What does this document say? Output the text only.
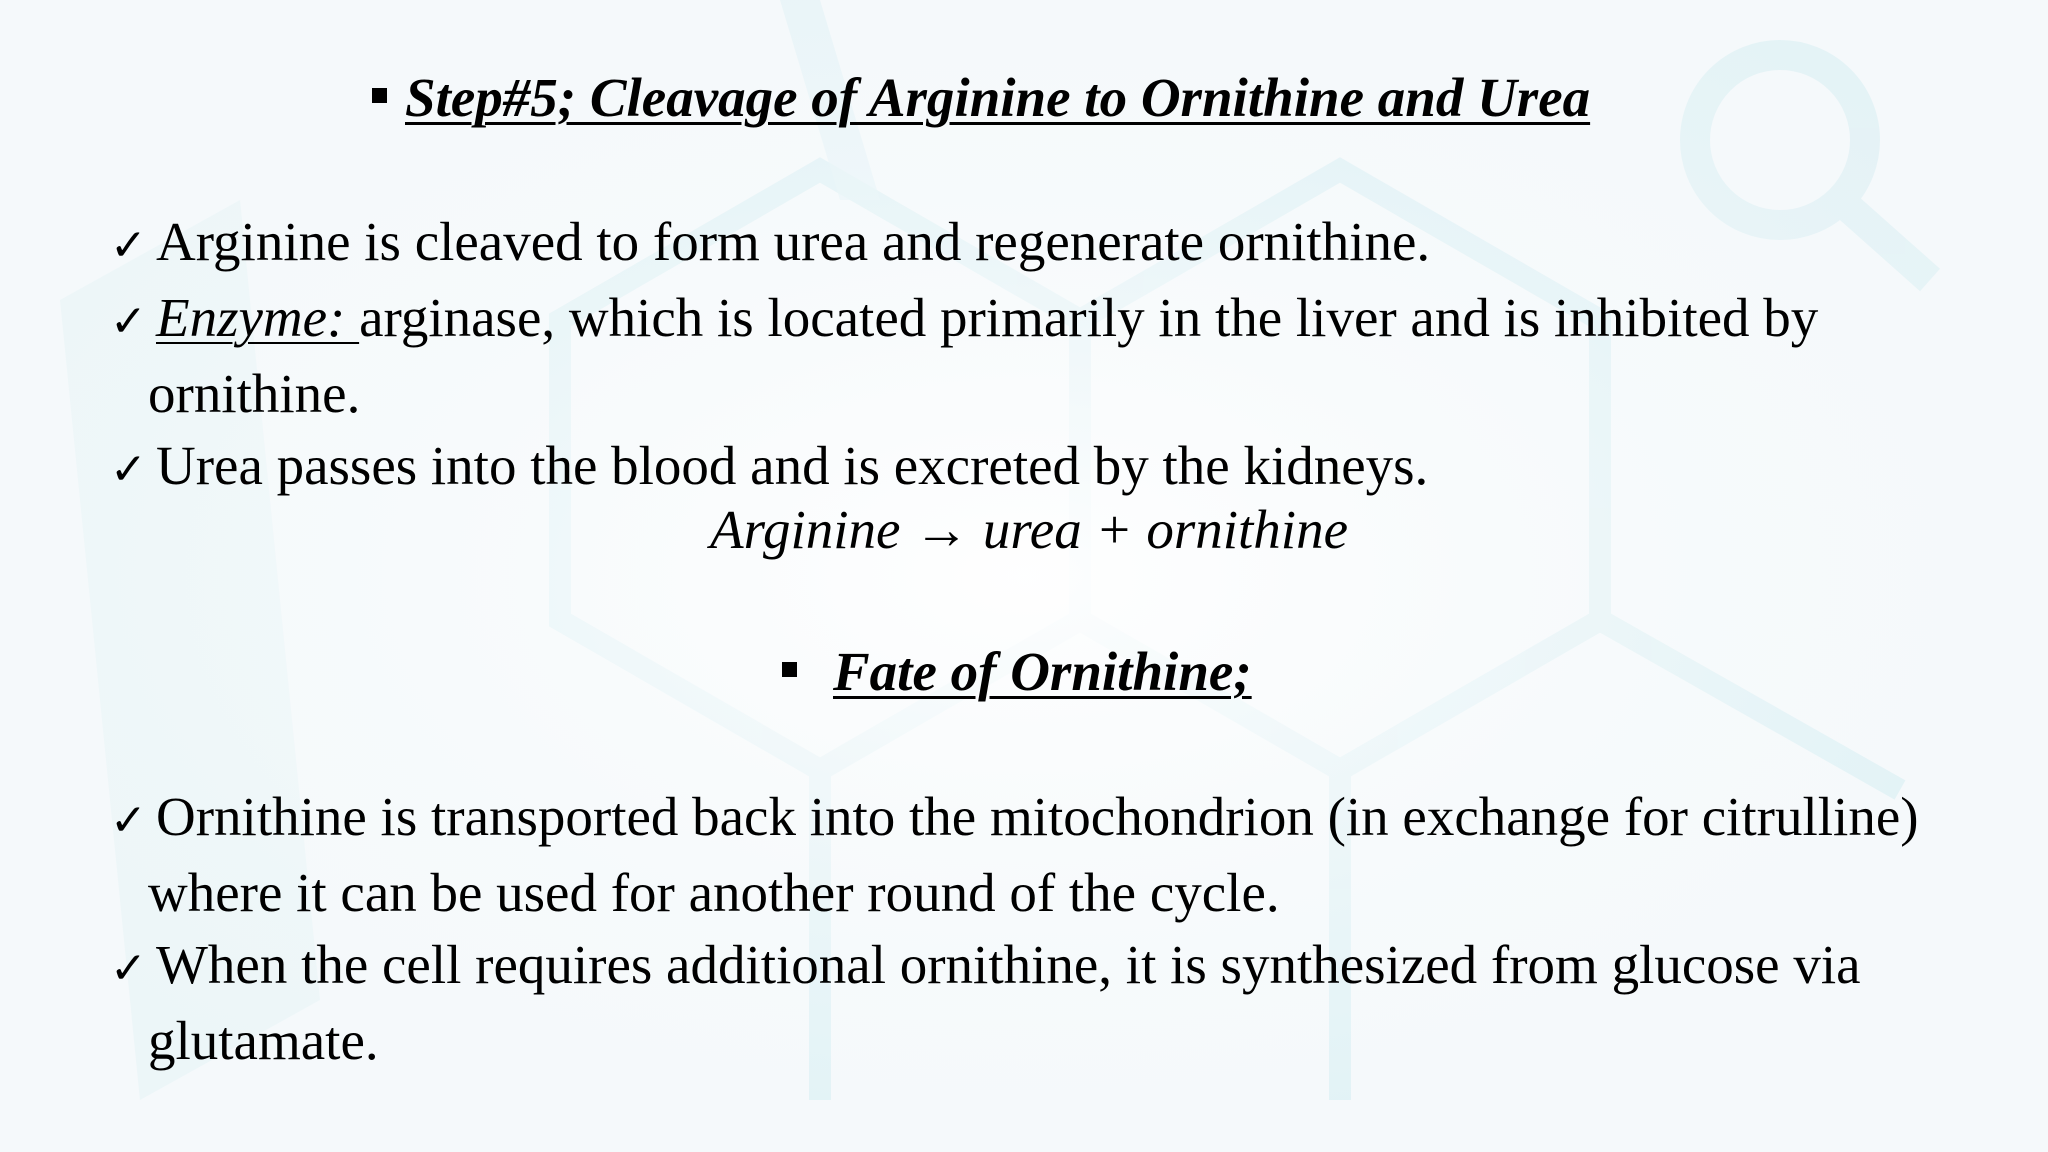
Step#5; Cleavage of Arginine to Ornithine and Urea
✓ Arginine is cleaved to form urea and regenerate ornithine.
✓ Enzyme: arginase, which is located primarily in the liver and is inhibited by ornithine.
✓ Urea passes into the blood and is excreted by the kidneys.
Arginine → urea + ornithine
Fate of Ornithine;
✓ Ornithine is transported back into the mitochondrion (in exchange for citrulline) where it can be used for another round of the cycle.
✓ When the cell requires additional ornithine, it is synthesized from glucose via glutamate.
